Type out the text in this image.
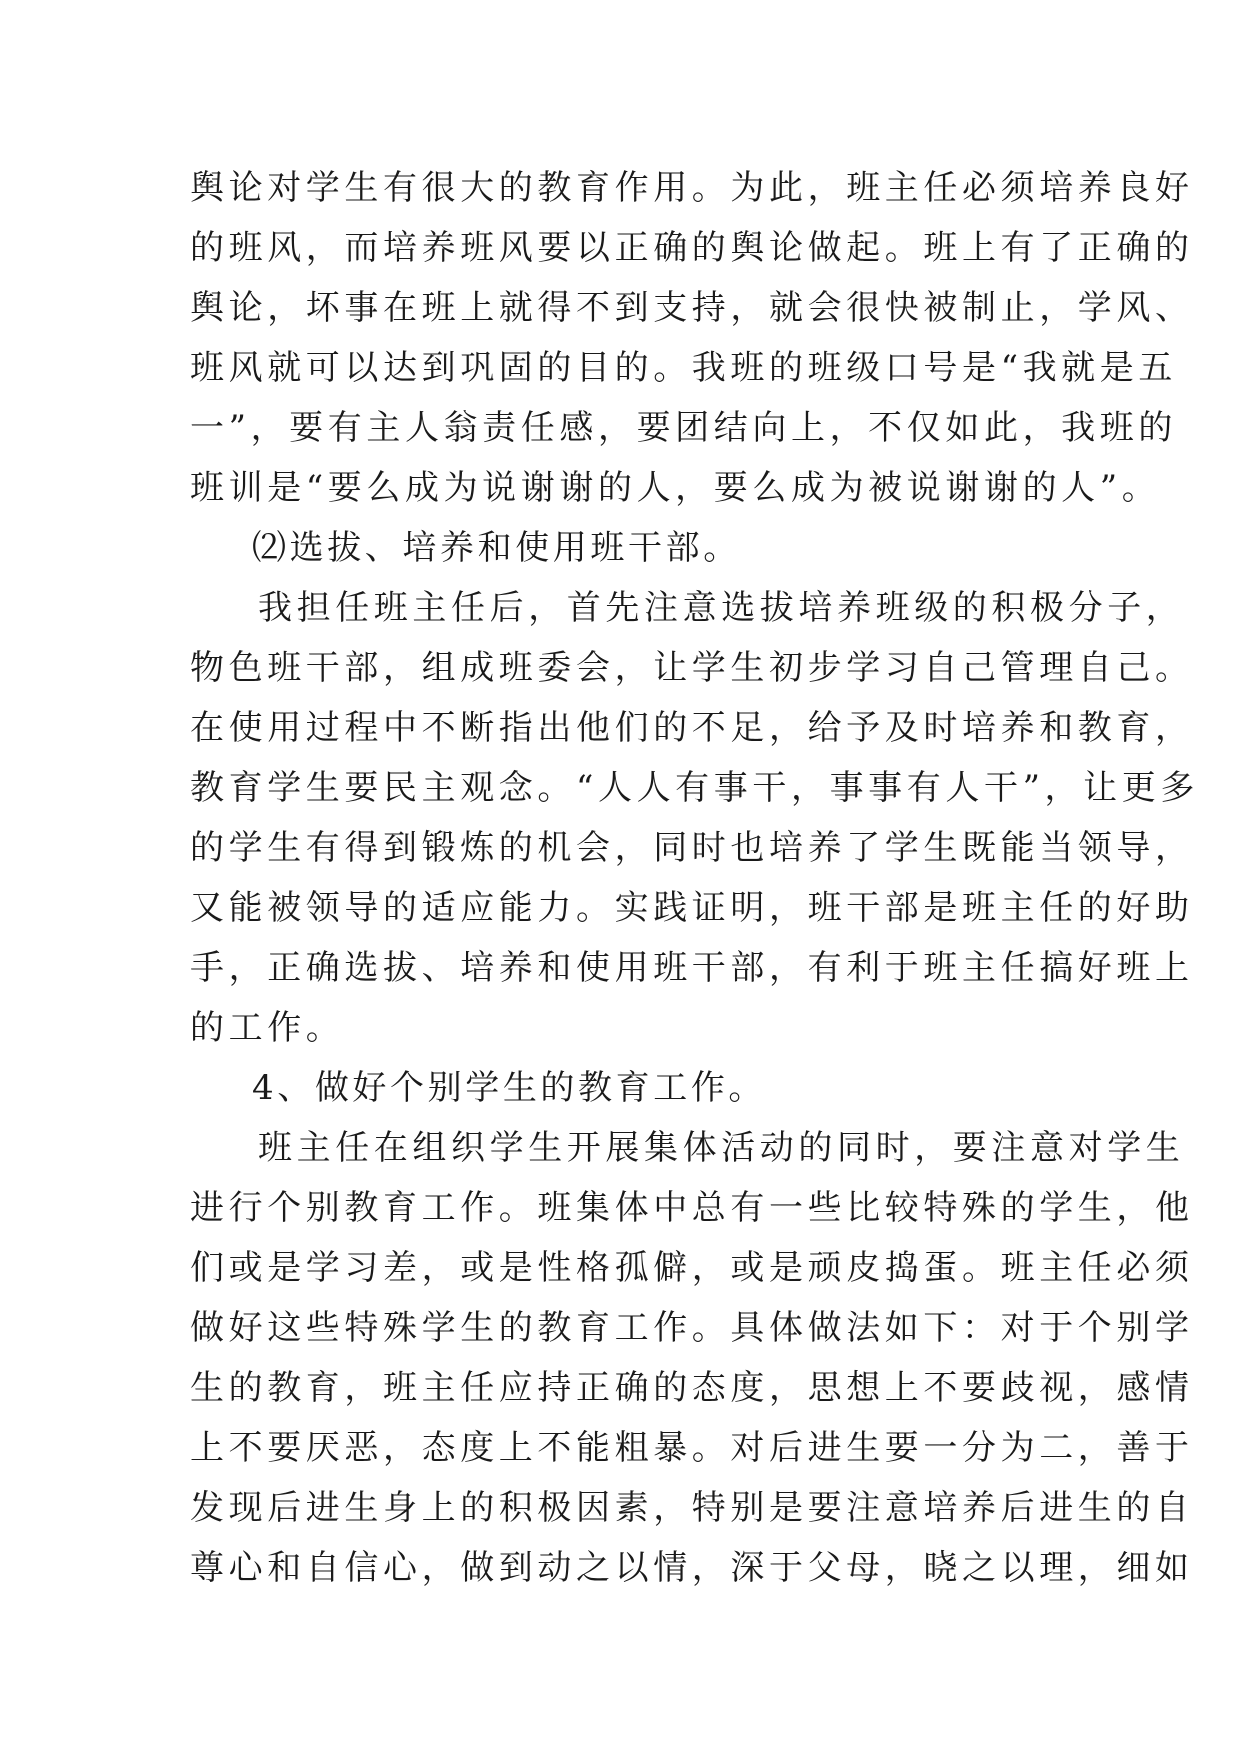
舆论对学生有很大的教育作用。为此，班主任必须培养良好
的班风，而培养班风要以正确的舆论做起。班上有了正确的
舆论，坏事在班上就得不到支持，就会很快被制止，学风、
班风就可以达到巩固的目的。我班的班级口号是“我就是五
一”，要有主人翁责任感，要团结向上，不仅如此，我班的
班训是“要么成为说谢谢的人，要么成为被说谢谢的人”。
⑵选拔、培养和使用班干部。
我担任班主任后，首先注意选拔培养班级的积极分子，
物色班干部，组成班委会，让学生初步学习自己管理自己。
在使用过程中不断指出他们的不足，给予及时培养和教育，
教育学生要民主观念。“人人有事干，事事有人干”，让更多
的学生有得到锻炼的机会，同时也培养了学生既能当领导，
又能被领导的适应能力。实践证明，班干部是班主任的好助
手，正确选拔、培养和使用班干部，有利于班主任搞好班上
的工作。
4、做好个别学生的教育工作。
班主任在组织学生开展集体活动的同时，要注意对学生
进行个别教育工作。班集体中总有一些比较特殊的学生，他
们或是学习差，或是性格孤僻，或是顽皮捣蛋。班主任必须
做好这些特殊学生的教育工作。具体做法如下：对于个别学
生的教育，班主任应持正确的态度，思想上不要歧视，感情
上不要厌恶，态度上不能粗暴。对后进生要一分为二，善于
发现后进生身上的积极因素，特别是要注意培养后进生的自
尊心和自信心，做到动之以情，深于父母，晓之以理，细如
